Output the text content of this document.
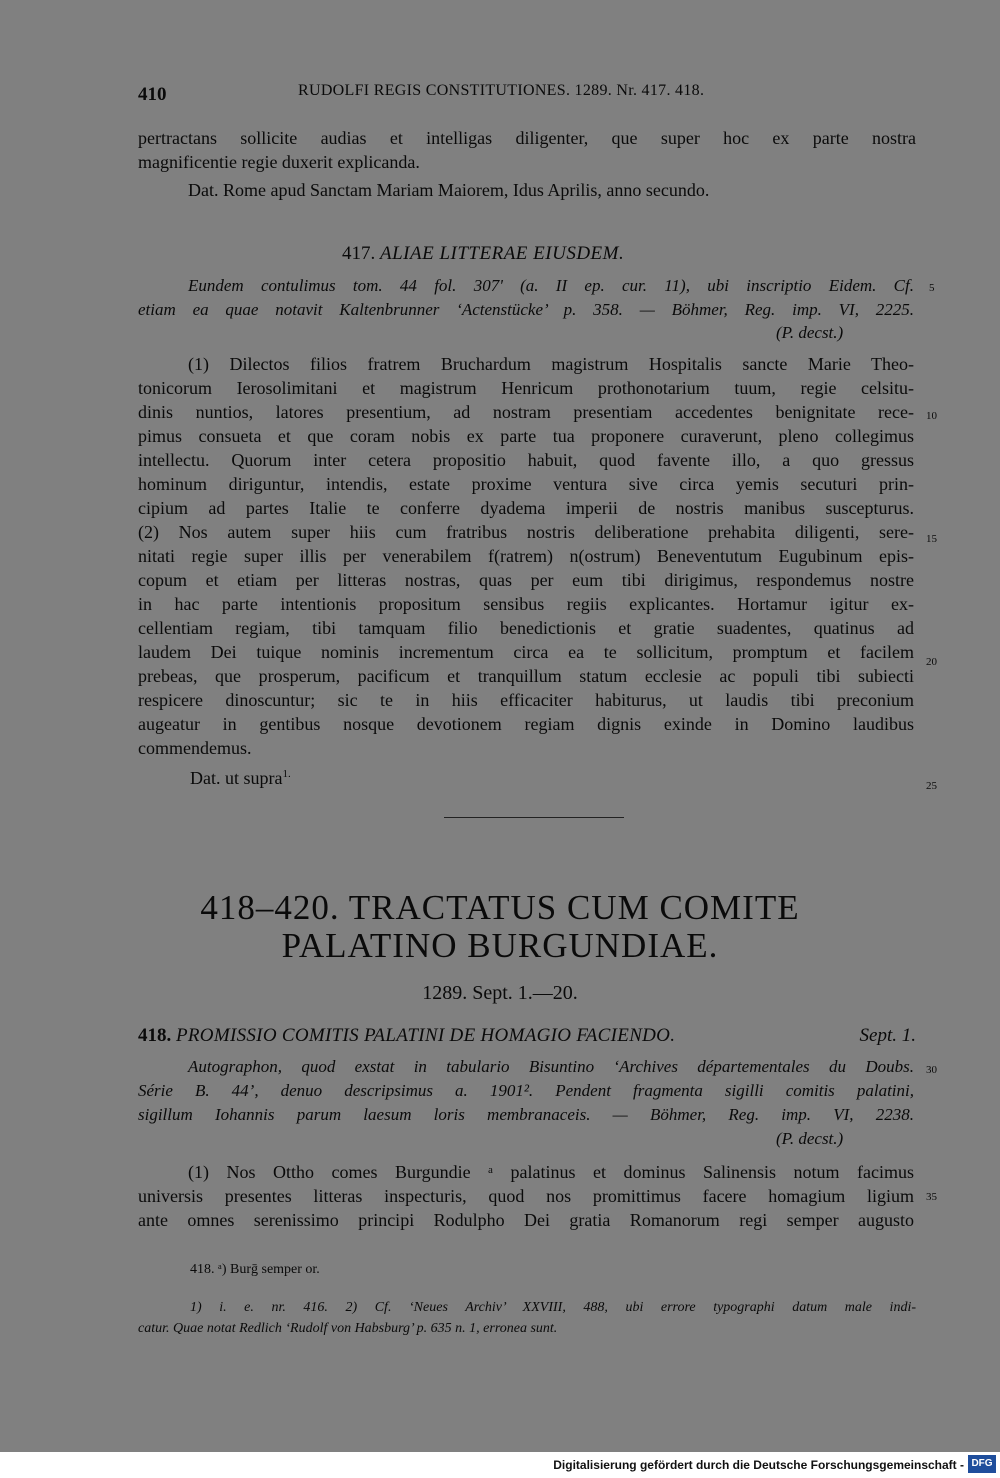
410	RUDOLFI REGIS CONSTITUTIONES. 1289. Nr. 417. 418.
pertractans sollicite audias et intelligas diligenter, que super hoc ex parte nostra
magnificentie regie duxerit explicanda.
Dat. Rome apud Sanctam Mariam Maiorem, Idus Aprilis, anno secundo.
417. ALIAE LITTERAE EIUSDEM.
Eundem contulimus tom. 44 fol. 307' (a. II ep. cur. 11), ubi inscriptio Eidem. Cf.
etiam ea quae notavit Kaltenbrunner ‘Actenstücke’ p. 358. — Böhmer, Reg. imp. VI, 2225.
(P. decst.)
(1) Dilectos filios fratrem Bruchardum magistrum Hospitalis sancte Marie Theo-
tonicorum Ierosolimitani et magistrum Henricum prothonotarium tuum, regie celsitu-
dinis nuntios, latores presentium, ad nostram presentiam accedentes benignitate rece-
pimus consueta et que coram nobis ex parte tua proponere curaverunt, pleno collegimus
intellectu. Quorum inter cetera propositio habuit, quod favente illo, a quo gressus
hominum diriguntur, intendis, estate proxime ventura sive circa yemis secuturi prin-
cipium ad partes Italie te conferre dyadema imperii de nostris manibus suscepturus.
(2) Nos autem super hiis cum fratribus nostris deliberatione prehabita diligenti, sere-
nitati regie super illis per venerabilem f(ratrem) n(ostrum) Beneventutum Eugubinum epis-
copum et etiam per litteras nostras, quas per eum tibi dirigimus, respondemus nostre
in hac parte intentionis propositum sensibus regiis explicantes. Hortamur igitur ex-
cellentiam regiam, tibi tamquam filio benedictionis et gratie suadentes, quatinus ad
laudem Dei tuique nominis incrementum circa ea te sollicitum, promptum et facilem
prebeas, que prosperum, pacificum et tranquillum statum ecclesie ac populi tibi subiecti
respicere dinoscuntur; sic te in hiis efficaciter habiturus, ut laudis tibi preconium
augeatur in gentibus nosque devotionem regiam dignis exinde in Domino laudibus
commendemus.
Dat. ut supra$^{1.}$
418–420. TRACTATUS CUM COMITE
PALATINO BURGUNDIAE.
1289. Sept. 1.—20.
418. PROMISSIO COMITIS PALATINI DE HOMAGIO FACIENDO.	Sept. 1.
Autographon, quod exstat in tabulario Bisuntino ‘Archives départementales du Doubs.
Série B. 44’, denuo descripsimus a. 1901². Pendent fragmenta sigilli comitis palatini,
sigillum Iohannis parum laesum loris membranaceis. — Böhmer, Reg. imp. VI, 2238.
(P. decst.)
(1) Nos Ottho comes Burgundie ᵃ palatinus et dominus Salinensis notum facimus
universis presentes litteras inspecturis, quod nos promittimus facere homagium ligium
ante omnes serenissimo principi Rodulpho Dei gratia Romanorum regi semper augusto
5
10
15
20
25
30
35
418. ᵃ) Burḡ semper or.
1) i. e. nr. 416. 2) Cf. ‘Neues Archiv’ XXVIII, 488, ubi errore typographi datum male indi-
catur. Quae notat Redlich ‘Rudolf von Habsburg’ p. 635 n. 1, erronea sunt.
Digitalisierung gefördert durch die Deutsche Forschungsgemeinschaft - DFG
